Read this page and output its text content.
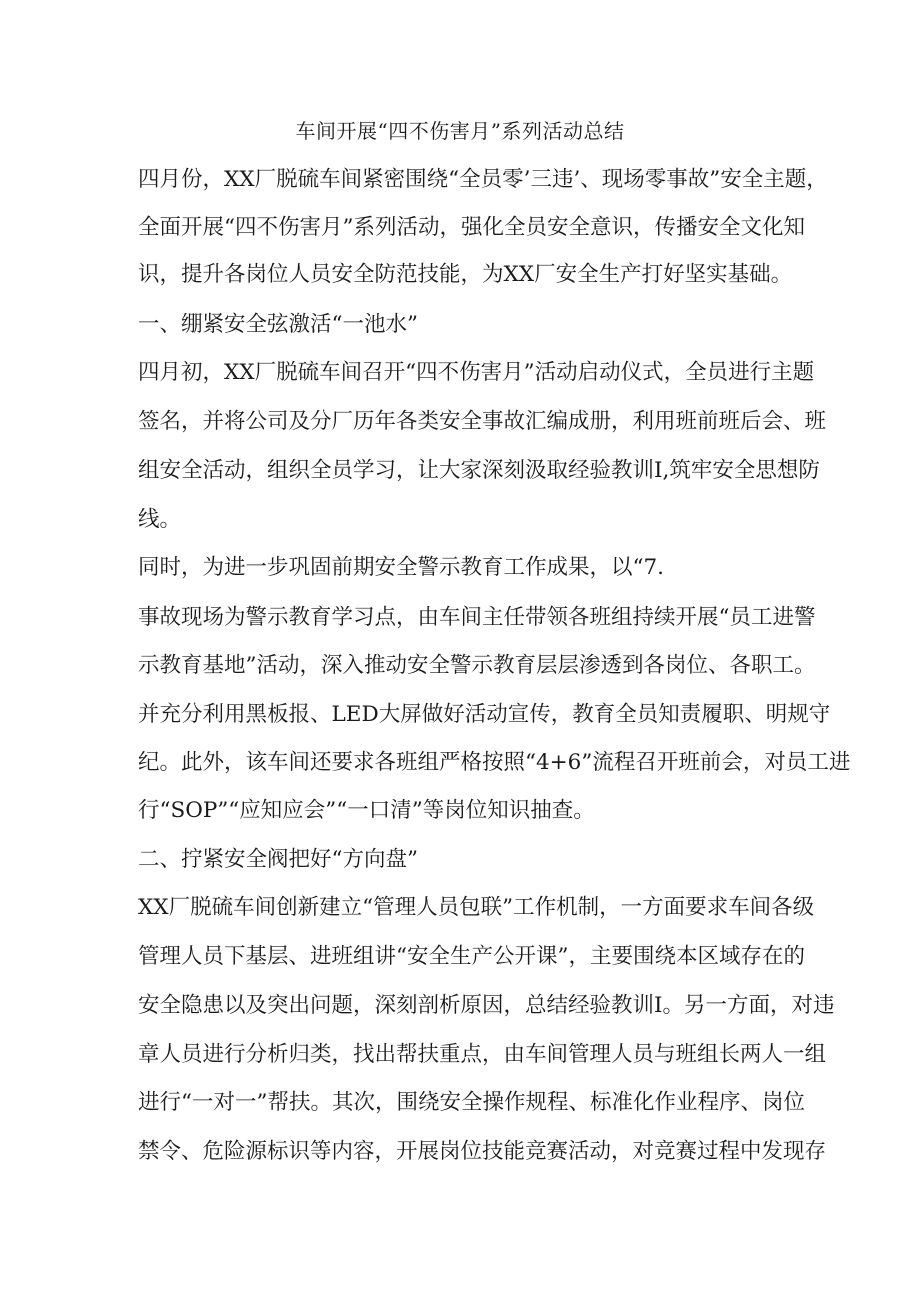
车间开展“四不伤害月”系列活动总结
四月份，XX厂脱硫车间紧密围绕“全员零’三违’、现场零事故”安全主题，
全面开展“四不伤害月”系列活动，强化全员安全意识，传播安全文化知
识，提升各岗位人员安全防范技能，为XX厂安全生产打好坚实基础。
一、绷紧安全弦激活“一池水”
四月初，XX厂脱硫车间召开“四不伤害月”活动启动仪式，全员进行主题
签名，并将公司及分厂历年各类安全事故汇编成册，利用班前班后会、班
组安全活动，组织全员学习，让大家深刻汲取经验教训I,筑牢安全思想防
线。
同时，为进一步巩固前期安全警示教育工作成果，以“7.
事故现场为警示教育学习点，由车间主任带领各班组持续开展“员工进警
示教育基地”活动，深入推动安全警示教育层层渗透到各岗位、各职工。
并充分利用黑板报、LED大屏做好活动宣传，教育全员知责履职、明规守
纪。此外，该车间还要求各班组严格按照“4+6”流程召开班前会，对员工进
行“SOP”“应知应会”“一口清”等岗位知识抽查。
二、拧紧安全阀把好“方向盘”
XX厂脱硫车间创新建立“管理人员包联”工作机制，一方面要求车间各级
管理人员下基层、进班组讲“安全生产公开课”，主要围绕本区域存在的
安全隐患以及突出问题，深刻剖析原因，总结经验教训I。另一方面，对违
章人员进行分析归类，找出帮扶重点，由车间管理人员与班组长两人一组
进行“一对一”帮扶。其次，围绕安全操作规程、标准化作业程序、岗位
禁令、危险源标识等内容，开展岗位技能竞赛活动，对竞赛过程中发现存
